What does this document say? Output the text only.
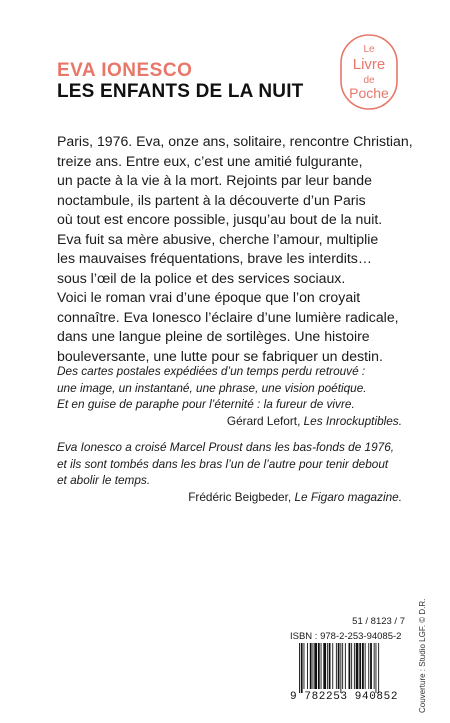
EVA IONESCO
LES ENFANTS DE LA NUIT
Le
Livre
de
Poche
Paris, 1976. Eva, onze ans, solitaire, rencontre Christian,
treize ans. Entre eux, c’est une amitié fulgurante,
un pacte à la vie à la mort. Rejoints par leur bande
noctambule, ils partent à la découverte d’un Paris
où tout est encore possible, jusqu’au bout de la nuit.
Eva fuit sa mère abusive, cherche l’amour, multiplie
les mauvaises fréquentations, brave les interdits…
sous l’œil de la police et des services sociaux.
Voici le roman vrai d’une époque que l’on croyait
connaître. Eva Ionesco l’éclaire d’une lumière radicale,
dans une langue pleine de sortilèges. Une histoire
bouleversante, une lutte pour se fabriquer un destin.
Des cartes postales expédiées d’un temps perdu retrouvé :
une image, un instantané, une phrase, une vision poétique.
Et en guise de paraphe pour l’éternité : la fureur de vivre.
Gérard Lefort, Les Inrockuptibles.
Eva Ionesco a croisé Marcel Proust dans les bas-fonds de 1976,
et ils sont tombés dans les bras l’un de l’autre pour tenir debout
et abolir le temps.
Frédéric Beigbeder, Le Figaro magazine.
Couverture : Studio LGF. © D.R.
51 / 8123 / 7
ISBN : 978-2-253-94085-2
9 782253 940852
